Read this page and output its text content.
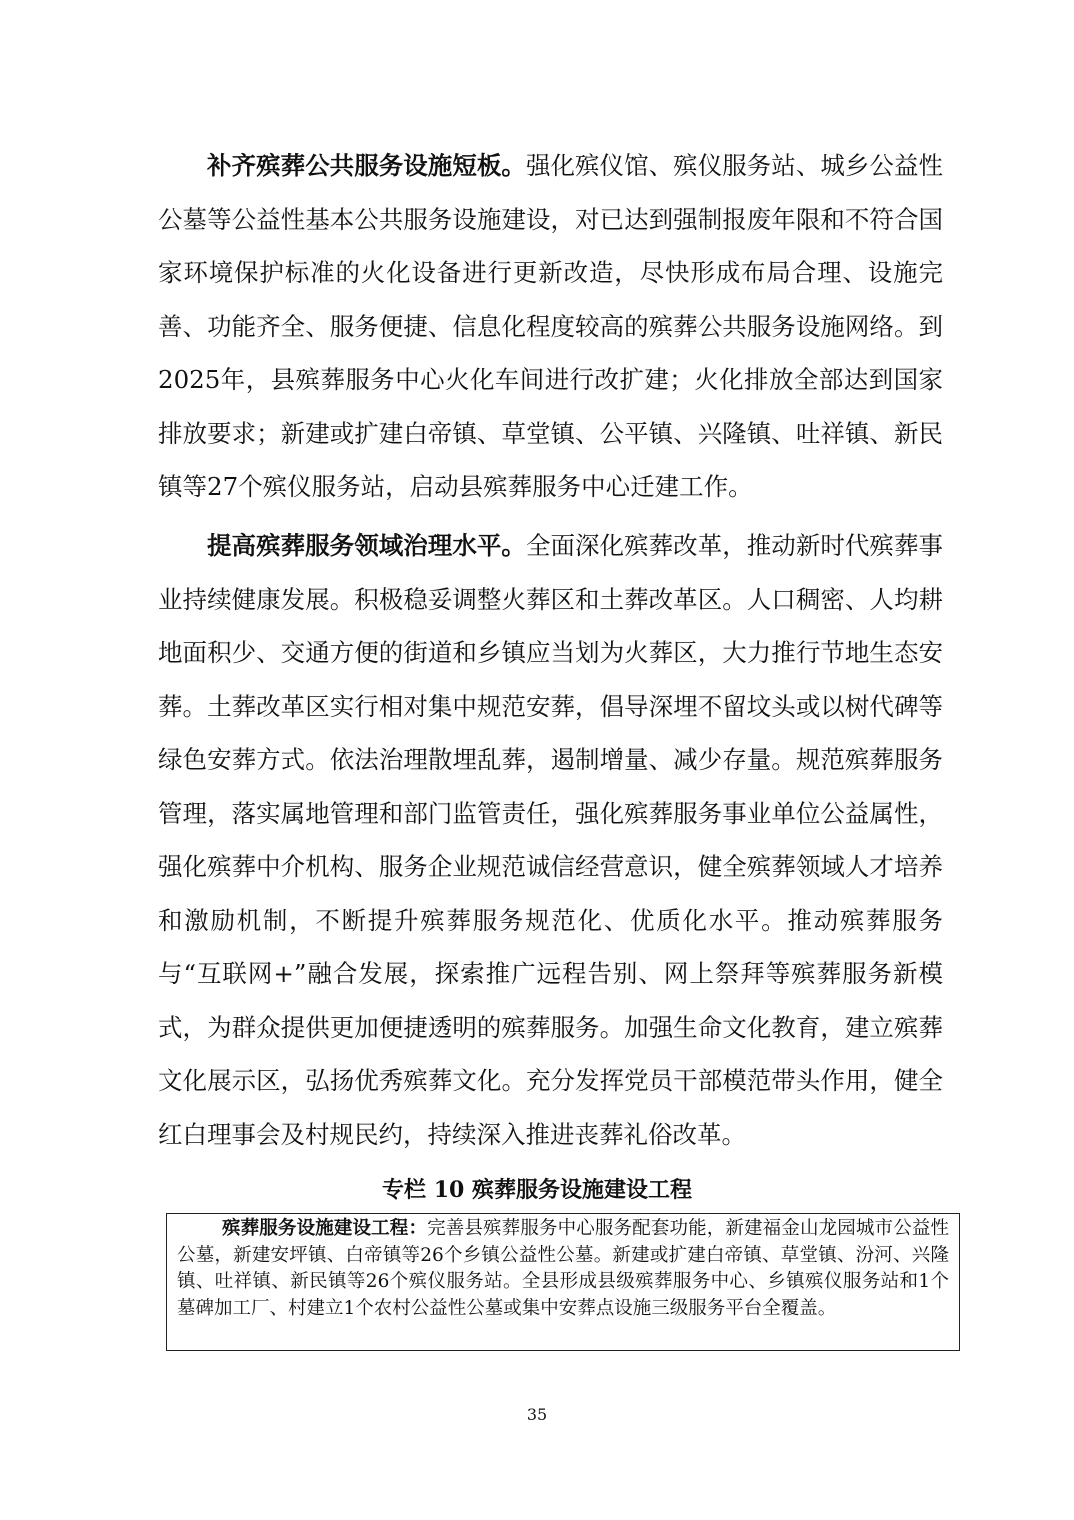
补齐殡葬公共服务设施短板。强化殡仪馆、殡仪服务站、城乡公益性公墓等公益性基本公共服务设施建设，对已达到强制报废年限和不符合国家环境保护标准的火化设备进行更新改造，尽快形成布局合理、设施完善、功能齐全、服务便捷、信息化程度较高的殡葬公共服务设施网络。到2025年，县殡葬服务中心火化车间进行改扩建；火化排放全部达到国家排放要求；新建或扩建白帝镇、草堂镇、公平镇、兴隆镇、吐祥镇、新民镇等27个殡仪服务站，启动县殡葬服务中心迁建工作。

提高殡葬服务领域治理水平。全面深化殡葬改革，推动新时代殡葬事业持续健康发展。积极稳妥调整火葬区和土葬改革区。人口稠密、人均耕地面积少、交通方便的街道和乡镇应当划为火葬区，大力推行节地生态安葬。土葬改革区实行相对集中规范安葬，倡导深埋不留坟头或以树代碑等绿色安葬方式。依法治理散埋乱葬，遏制增量、减少存量。规范殡葬服务管理，落实属地管理和部门监管责任，强化殡葬服务事业单位公益属性，强化殡葬中介机构、服务企业规范诚信经营意识，健全殡葬领域人才培养和激励机制，不断提升殡葬服务规范化、优质化水平。推动殡葬服务与“互联网+”融合发展，探索推广远程告别、网上祭拜等殡葬服务新模式，为群众提供更加便捷透明的殡葬服务。加强生命文化教育，建立殡葬文化展示区，弘扬优秀殡葬文化。充分发挥党员干部模范带头作用，健全红白理事会及村规民约，持续深入推进丧葬礼俗改革。

专栏 10 殡葬服务设施建设工程

殡葬服务设施建设工程：完善县殡葬服务中心服务配套功能，新建福金山龙园城市公益性公墓，新建安坪镇、白帝镇等26个乡镇公益性公墓。新建或扩建白帝镇、草堂镇、汾河、兴隆镇、吐祥镇、新民镇等26个殡仪服务站。全县形成县级殡葬服务中心、乡镇殡仪服务站和1个墓碑加工厂、村建立1个农村公益性公墓或集中安葬点设施三级服务平台全覆盖。

35
